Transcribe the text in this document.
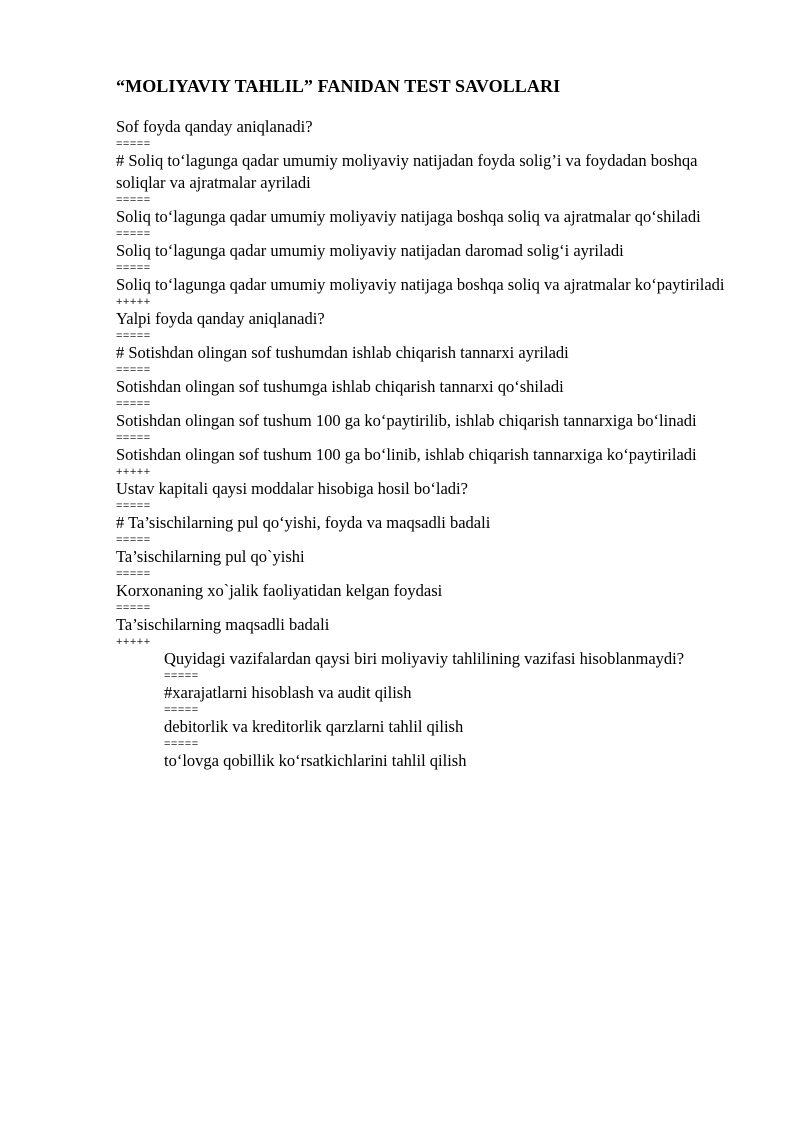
“MOLIYAVIY TAHLIL” FANIDAN TEST SAVOLLARI

Sof foyda qanday aniqlanadi?

=====

# Soliq to‘lagunga qadar umumiy moliyaviy natijadan foyda solig’i va foydadan boshqa soliqlar va ajratmalar ayriladi

=====

Soliq to‘lagunga qadar umumiy moliyaviy natijaga boshqa soliq va ajratmalar qo‘shiladi

=====

Soliq to‘lagunga qadar umumiy moliyaviy natijadan daromad solig‘i ayriladi

=====

Soliq to‘lagunga qadar umumiy moliyaviy natijaga boshqa soliq va ajratmalar ko‘paytiriladi

+++++

Yalpi foyda qanday aniqlanadi?

=====

# Sotishdan olingan sof tushumdan ishlab chiqarish tannarxi ayriladi

=====

Sotishdan olingan sof tushumga ishlab chiqarish tannarxi qo‘shiladi

=====

Sotishdan olingan sof tushum 100 ga ko‘paytirilib, ishlab chiqarish tannarxiga bo‘linadi

=====

Sotishdan olingan sof tushum 100 ga bo‘linib, ishlab chiqarish tannarxiga ko‘paytiriladi

+++++

Ustav kapitali qaysi moddalar hisobiga hosil bo‘ladi?

=====

# Ta’sischilarning pul qo‘yishi, foyda va maqsadli badali

=====

Ta’sischilarning pul qo`yishi

=====

Korxonaning xo`jalik faoliyatidan kelgan foydasi

=====

Ta’sischilarning maqsadli badali

+++++

Quyidagi vazifalardan qaysi biri moliyaviy tahlilining vazifasi hisoblanmaydi?

=====

#xarajatlarni hisoblash va audit qilish

=====

debitorlik va kreditorlik qarzlarni tahlil qilish

=====

to‘lovga qobillik ko‘rsatkichlarini tahlil qilish
